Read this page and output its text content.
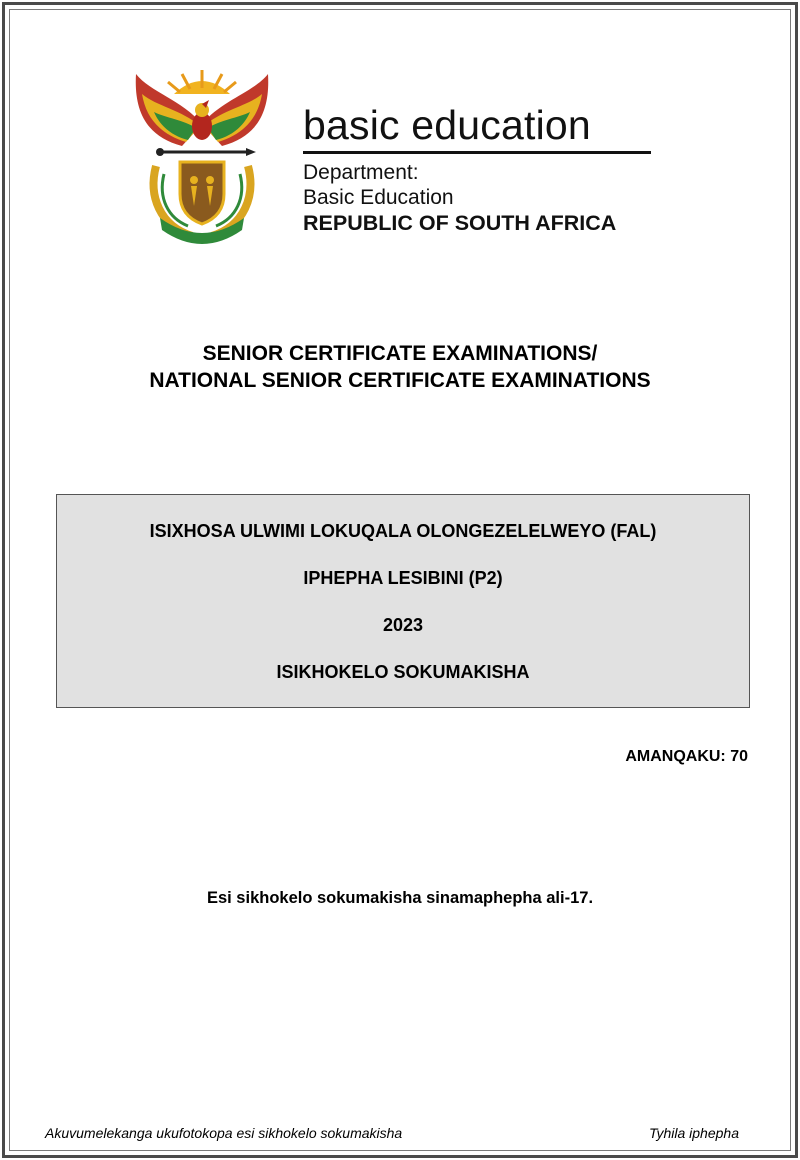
basic education
Department:
Basic Education
REPUBLIC OF SOUTH AFRICA
SENIOR CERTIFICATE EXAMINATIONS/
NATIONAL SENIOR CERTIFICATE EXAMINATIONS
ISIXHOSA ULWIMI LOKUQALA OLONGEZELELWEYO (FAL)
IPHEPHA LESIBINI (P2)
2023
ISIKHOKELO SOKUMAKISHA
AMANQAKU: 70
Esi sikhokelo sokumakisha sinamaphepha ali-17.
Akuvumelekanga ukufotokopa esi sikhokelo sokumakisha	Tyhila iphepha
